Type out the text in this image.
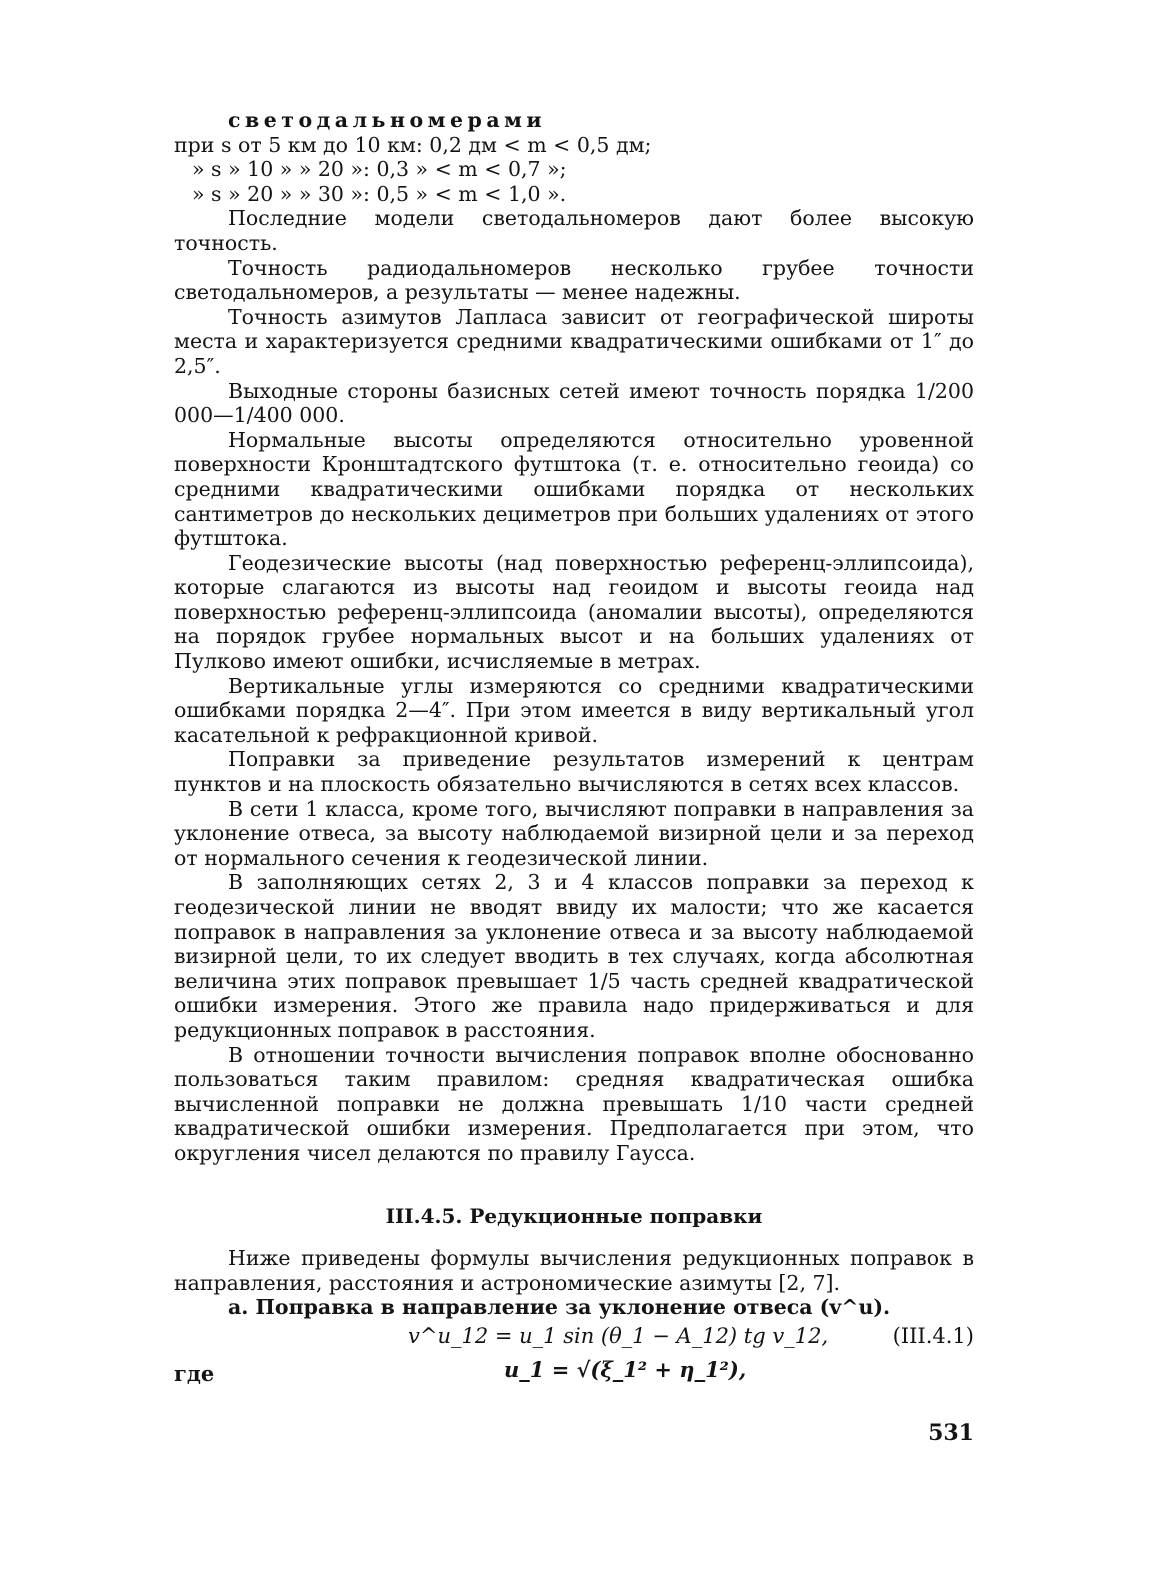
светодальномерами
при s от 5 км до 10 км: 0,2 дм < m < 0,5 дм;
» s » 10 » » 20 »: 0,3 » < m < 0,7 »;
» s » 20 » » 30 »: 0,5 » < m < 1,0 ».

Последние модели светодальномеров дают более высокую точность.

Точность радиодальномеров несколько грубее точности светодальномеров, а результаты — менее надежны.

Точность азимутов Лапласа зависит от географической широты места и характеризуется средними квадратическими ошибками от 1″ до 2,5″.

Выходные стороны базисных сетей имеют точность порядка 1/200 000—1/400 000.

Нормальные высоты определяются относительно уровенной поверхности Кронштадтского футштока (т. е. относительно геоида) со средними квадратическими ошибками порядка от нескольких сантиметров до нескольких дециметров при больших удалениях от этого футштока.

Геодезические высоты (над поверхностью референц-эллипсоида), которые слагаются из высоты над геоидом и высоты геоида над поверхностью референц-эллипсоида (аномалии высоты), определяются на порядок грубее нормальных высот и на больших удалениях от Пулково имеют ошибки, исчисляемые в метрах.

Вертикальные углы измеряются со средними квадратическими ошибками порядка 2—4″. При этом имеется в виду вертикальный угол касательной к рефракционной кривой.

Поправки за приведение результатов измерений к центрам пунктов и на плоскость обязательно вычисляются в сетях всех классов.

В сети 1 класса, кроме того, вычисляют поправки в направления за уклонение отвеса, за высоту наблюдаемой визирной цели и за переход от нормального сечения к геодезической линии.

В заполняющих сетях 2, 3 и 4 классов поправки за переход к геодезической линии не вводят ввиду их малости; что же касается поправок в направления за уклонение отвеса и за высоту наблюдаемой визирной цели, то их следует вводить в тех случаях, когда абсолютная величина этих поправок превышает 1/5 часть средней квадратической ошибки измерения. Этого же правила надо придерживаться и для редукционных поправок в расстояния.

В отношении точности вычисления поправок вполне обоснованно пользоваться таким правилом: средняя квадратическая ошибка вычисленной поправки не должна превышать 1/10 части средней квадратической ошибки измерения. Предполагается при этом, что округления чисел делаются по правилу Гаусса.

III.4.5. Редукционные поправки

Ниже приведены формулы вычисления редукционных поправок в направления, расстояния и астрономические азимуты [2, 7].

а. Поправка в направление за уклонение отвеса (v^u).

v^u_12 = u_1 sin (θ_1 − A_12) tg v_12,	(III.4.1)
где	u_1 = √(ξ_1² + η_1²),
531
